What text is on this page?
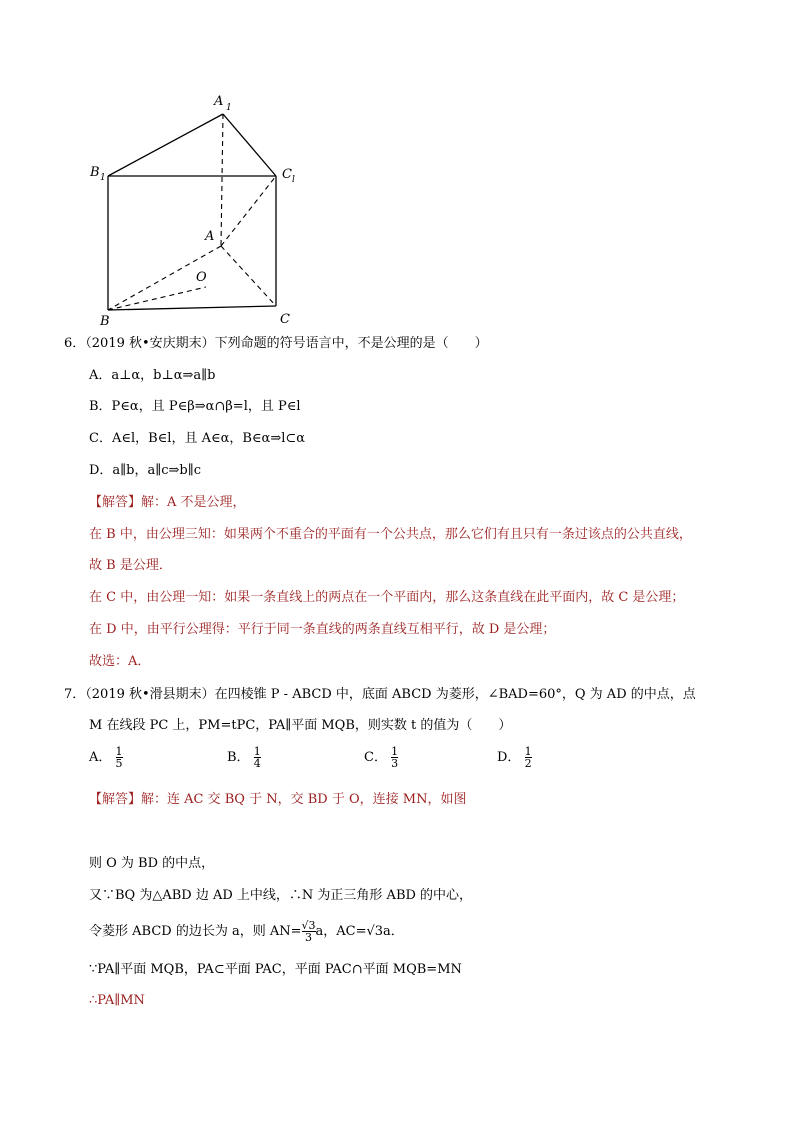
A 1
B 1	C l
A
O
B	C
6．（2019 秋•安庆期末）下列命题的符号语言中，不是公理的是（　　）
A．a⊥α，b⊥α⇒a∥b
B．P∈α，且 P∈β⇒α∩β=l，且 P∈l
C．A∈l，B∈l，且 A∈α，B∈α⇒l⊂α
D．a∥b，a∥c⇒b∥c
【解答】解：A 不是公理，
在 B 中，由公理三知：如果两个不重合的平面有一个公共点，那么它们有且只有一条过该点的公共直线，
故 B 是公理．
在 C 中，由公理一知：如果一条直线上的两点在一个平面内，那么这条直线在此平面内，故 C 是公理；
在 D 中，由平行公理得：平行于同一条直线的两条直线互相平行，故 D 是公理；
故选：A．
7．（2019 秋•滑县期末）在四棱锥 P - ABCD 中，底面 ABCD 为菱形，∠BAD=60°，Q 为 AD 的中点，点
M 在线段 PC 上，PM=tPC，PA∥平面 MQB，则实数 t 的值为（　　）
A． $\frac{1}{5}$	B． $\frac{1}{4}$	C． $\frac{1}{3}$	D． $\frac{1}{2}$
【解答】解：连 AC 交 BQ 于 N，交 BD 于 O，连接 MN，如图
则 O 为 BD 的中点，
又∵BQ 为△ABD 边 AD 上中线，∴N 为正三角形 ABD 的中心，
令菱形 ABCD 的边长为 a，则 $AN= \frac{√3}{3}$ a，AC=√3a．
∵PA∥平面 MQB，PA⊂平面 PAC，平面 PAC∩平面 MQB=MN
∴PA∥MN
